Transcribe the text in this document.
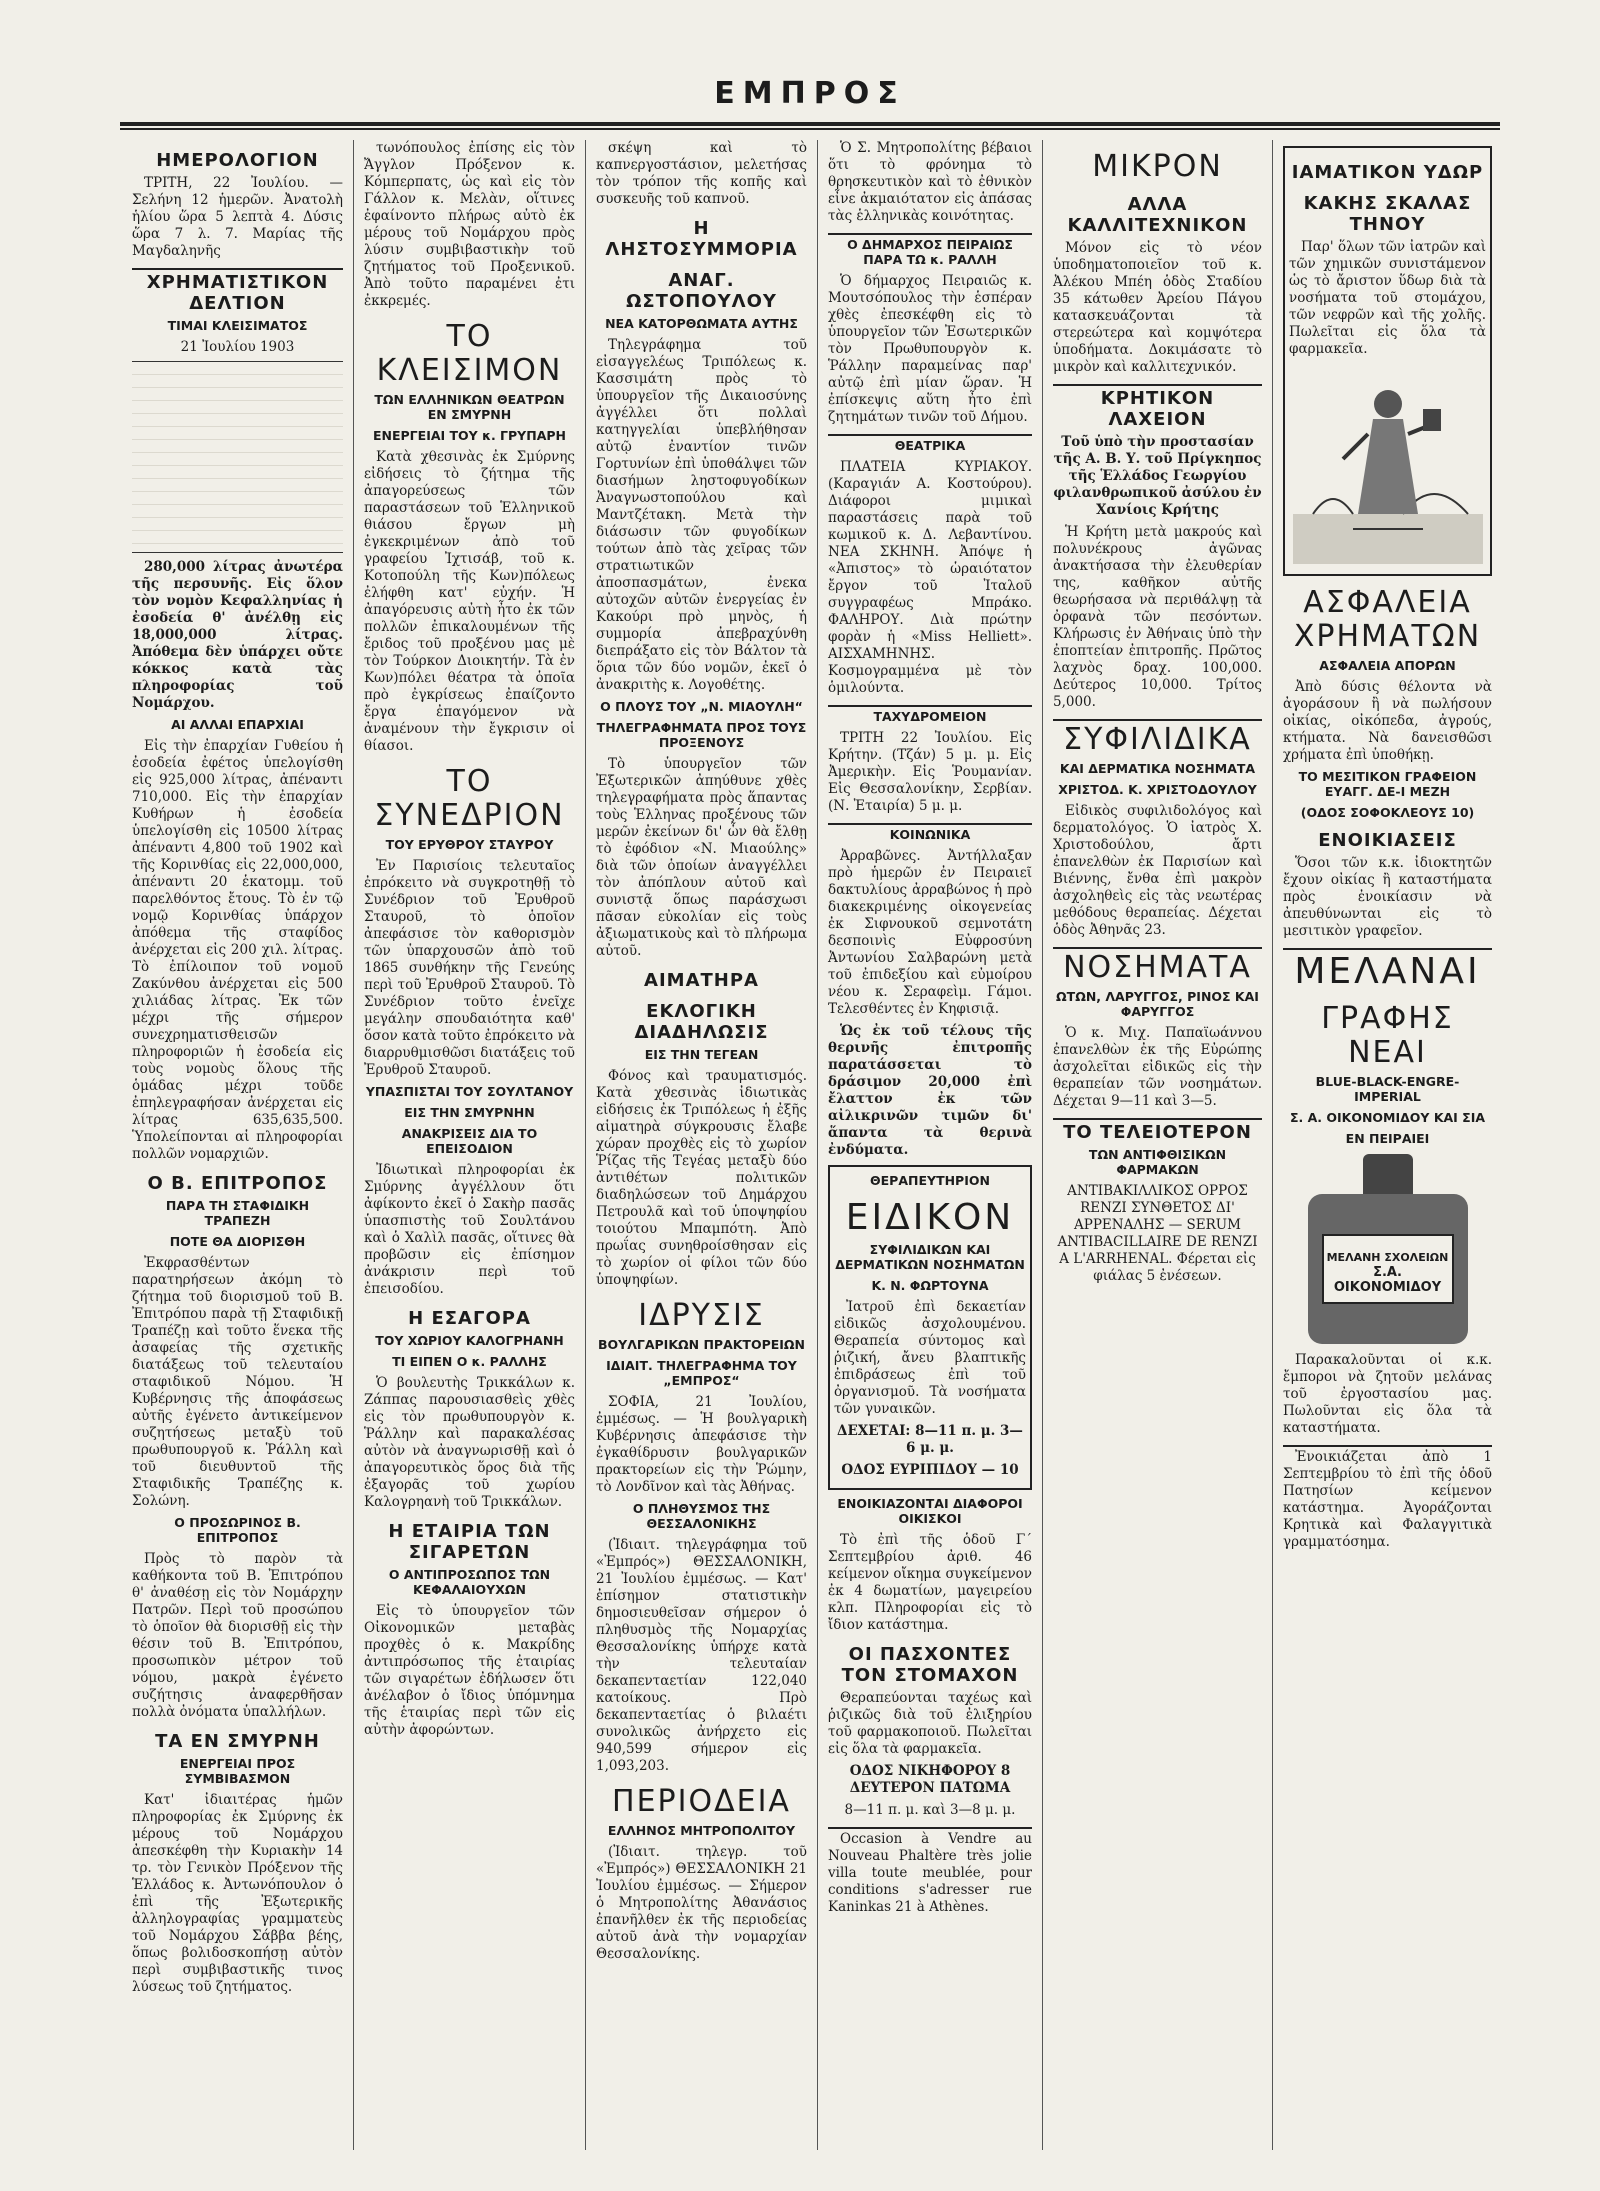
ΕΜΠΡΟΣ
ΗΜΕΡΟΛΟΓΙΟΝ

ΤΡΙΤΗ, 22 Ἰουλίου. — Σελήνη 12 ἡμερῶν. Ἀνατολὴ ἡλίου ὥρα 5 λεπτὰ 4. Δύσις ὥρα 7 λ. 7. Μαρίας τῆς Μαγδαληνῆς

ΧΡΗΜΑΤΙΣΤΙΚΟΝ ΔΕΛΤΙΟΝ
ΤΙΜΑΙ ΚΛΕΙΣΙΜΑΤΟΣ

21 Ἰουλίου 1903

280,000 λίτρας ἀνωτέρα τῆς περσυνῆς. Εἰς ὅλον τὸν νομὸν Κεφαλληνίας ἡ ἐσοδεία θ' ἀνέλθῃ εἰς 18,000,000 λίτρας. Ἀπόθεμα δὲν ὑπάρχει οὔτε κόκκος κατὰ τὰς πληροφορίας τοῦ Νομάρχου.

ΑΙ ΑΛΛΑΙ ΕΠΑΡΧΙΑΙ

Εἰς τὴν ἐπαρχίαν Γυθείου ἡ ἐσοδεία ἐφέτος ὑπελογίσθη εἰς 925,000 λίτρας, ἀπέναντι 710,000. Εἰς τὴν ἐπαρχίαν Κυθήρων ἡ ἐσοδεία ὑπελογίσθη εἰς 10500 λίτρας ἀπέναντι 4,800 τοῦ 1902 καὶ τῆς Κορινθίας εἰς 22,000,000, ἀπέναντι 20 ἑκατομμ. τοῦ παρελθόντος ἔτους. Τὸ ἐν τῷ νομῷ Κορινθίας ὑπάρχον ἀπόθεμα τῆς σταφίδος ἀνέρχεται εἰς 200 χιλ. λίτρας. Τὸ ἐπίλοιπον τοῦ νομοῦ Ζακύνθου ἀνέρχεται εἰς 500 χιλιάδας λίτρας. Ἐκ τῶν μέχρι τῆς σήμερον συνεχρηματισθεισῶν πληροφοριῶν ἡ ἐσοδεία εἰς τοὺς νομοὺς ὅλους τῆς ὁμάδας μέχρι τοῦδε ἐπηλεγραφήσαν ἀνέρχεται εἰς λίτρας 635,635,500. Ὑπολείπονται αἱ πληροφορίαι πολλῶν νομαρχιῶν.

Ο Β. ΕΠΙΤΡΟΠΟΣ
ΠΑΡΑ ΤΗ ΣΤΑΦΙΔΙΚΗ ΤΡΑΠΕΖΗ
ΠΟΤΕ ΘΑ ΔΙΟΡΙΣΘΗ

Ἐκφρασθέντων παρατηρήσεων ἀκόμη τὸ ζήτημα τοῦ διορισμοῦ τοῦ Β. Ἐπιτρόπου παρὰ τῇ Σταφιδικῇ Τραπέζῃ καὶ τοῦτο ἕνεκα τῆς ἀσαφείας τῆς σχετικῆς διατάξεως τοῦ τελευταίου σταφιδικοῦ Νόμου. Ἡ Κυβέρνησις τῆς ἀποφάσεως αὐτῆς ἐγένετο ἀντικείμενον συζητήσεως μεταξὺ τοῦ πρωθυπουργοῦ κ. Ῥάλλη καὶ τοῦ διευθυντοῦ τῆς Σταφιδικῆς Τραπέζης κ. Σολώνη.

Ο ΠΡΟΣΩΡΙΝΟΣ Β. ΕΠΙΤΡΟΠΟΣ

Πρὸς τὸ παρὸν τὰ καθήκοντα τοῦ Β. Ἐπιτρόπου θ' ἀναθέσῃ εἰς τὸν Νομάρχην Πατρῶν. Περὶ τοῦ προσώπου τὸ ὁποῖον θὰ διορισθῇ εἰς τὴν θέσιν τοῦ Β. Ἐπιτρόπου, προσωπικὸν μέτρον τοῦ νόμου, μακρὰ ἐγένετο συζήτησις ἀναφερθῆσαν πολλὰ ὀνόματα ὑπαλλήλων.

ΤΑ ΕΝ ΣΜΥΡΝΗ
ΕΝΕΡΓΕΙΑΙ ΠΡΟΣ ΣΥΜΒΙΒΑΣΜΟΝ

Κατ' ἰδιαιτέρας ἡμῶν πληροφορίας ἐκ Σμύρνης ἐκ μέρους τοῦ Νομάρχου ἀπεσκέφθη τὴν Κυριακὴν 14 τρ. τὸν Γενικὸν Πρόξενον τῆς Ἑλλάδος κ. Ἀντωνόπουλον ὁ ἐπὶ τῆς Ἐξωτερικῆς ἀλληλογραφίας γραμματεὺς τοῦ Νομάρχου Σάββα βέης, ὅπως βολιδοσκοπήσῃ αὐτὸν περὶ συμβιβαστικῆς τινος λύσεως τοῦ ζητήματος.

τωνόπουλος ἐπίσης εἰς τὸν Ἄγγλον Πρόξενον κ. Κόμπερπατς, ὡς καὶ εἰς τὸν Γάλλον κ. Μελὰν, οἵτινες ἐφαίνοντο πλήρως αὐτὸ ἐκ μέρους τοῦ Νομάρχου πρὸς λύσιν συμβιβαστικὴν τοῦ ζητήματος τοῦ Προξενικοῦ. Ἀπὸ τοῦτο παραμένει ἐτι ἐκκρεμές.

ΤΟ ΚΛΕΙΣΙΜΟΝ
ΤΩΝ ΕΛΛΗΝΙΚΩΝ ΘΕΑΤΡΩΝ ΕΝ ΣΜΥΡΝΗ
ΕΝΕΡΓΕΙΑΙ ΤΟΥ κ. ΓΡΥΠΑΡΗ

Κατὰ χθεσινὰς ἐκ Σμύρνης εἰδήσεις τὸ ζήτημα τῆς ἀπαγορεύσεως τῶν παραστάσεων τοῦ Ἑλληνικοῦ θιάσου ἔργων μὴ ἐγκεκριμένων ἀπὸ τοῦ γραφείου Ἰχτισάβ, τοῦ κ. Κοτοπούλη τῆς Κων)πόλεως ἐλήφθη κατ' εὐχήν. Ἡ ἀπαγόρευσις αὐτὴ ἦτο ἐκ τῶν πολλῶν ἐπικαλουμένων τῆς ἔριδος τοῦ προξένου μας μὲ τὸν Τούρκον Διοικητήν. Τὰ ἐν Κων)πόλει θέατρα τὰ ὁποῖα πρὸ ἐγκρίσεως ἐπαίζοντο ἔργα ἐπαγόμενον νὰ ἀναμένουν τὴν ἔγκρισιν οἱ θίασοι.

ΤΟ ΣΥΝΕΔΡΙΟΝ
ΤΟΥ ΕΡΥΘΡΟΥ ΣΤΑΥΡΟΥ

Ἐν Παρισίοις τελευταῖος ἐπρόκειτο νὰ συγκροτηθῇ τὸ Συνέδριον τοῦ Ἐρυθροῦ Σταυροῦ, τὸ ὁποῖον ἀπεφάσισε τὸν καθορισμὸν τῶν ὑπαρχουσῶν ἀπὸ τοῦ 1865 συνθήκην τῆς Γενεύης περὶ τοῦ Ἐρυθροῦ Σταυροῦ. Τὸ Συνέδριον τοῦτο ἐνεῖχε μεγάλην σπουδαιότητα καθ' ὅσον κατὰ τοῦτο ἐπρόκειτο νὰ διαρρυθμισθῶσι διατάξεις τοῦ Ἐρυθροῦ Σταυροῦ.

ΥΠΑΣΠΙΣΤΑΙ ΤΟΥ ΣΟΥΛΤΑΝΟΥ
ΕΙΣ ΤΗΝ ΣΜΥΡΝΗΝ
ΑΝΑΚΡΙΣΕΙΣ ΔΙΑ ΤΟ ΕΠΕΙΣΟΔΙΟΝ

Ἰδιωτικαὶ πληροφορίαι ἐκ Σμύρνης ἀγγέλλουν ὅτι ἀφίκοντο ἐκεῖ ὁ Σακὴρ πασᾶς ὑπασπιστὴς τοῦ Σουλτάνου καὶ ὁ Χαλὶλ πασᾶς, οἵτινες θὰ προβῶσιν εἰς ἐπίσημον ἀνάκρισιν περὶ τοῦ ἐπεισοδίου.

Η ΕΣΑΓΟΡΑ
ΤΟΥ ΧΩΡΙΟΥ ΚΑΛΟΓΡΗΑΝΗ
ΤΙ ΕΙΠΕΝ Ο κ. ΡΑΛΛΗΣ

Ὁ βουλευτὴς Τρικκάλων κ. Ζάππας παρουσιασθεὶς χθὲς εἰς τὸν πρωθυπουργὸν κ. Ῥάλλην καὶ παρακαλέσας αὐτὸν νὰ ἀναγνωρισθῇ καὶ ὁ ἀπαγορευτικὸς ὅρος διὰ τῆς ἐξαγορᾶς τοῦ χωρίου Καλογρηανὴ τοῦ Τρικκάλων.

Η ΕΤΑΙΡΙΑ ΤΩΝ ΣΙΓΑΡΕΤΩΝ
Ο ΑΝΤΙΠΡΟΣΩΠΟΣ ΤΩΝ ΚΕΦΑΛΑΙΟΥΧΩΝ

Εἰς τὸ ὑπουργεῖον τῶν Οἰκονομικῶν μεταβὰς προχθὲς ὁ κ. Μακρίδης ἀντιπρόσωπος τῆς ἐταιρίας τῶν σιγαρέτων ἐδήλωσεν ὅτι ἀνέλαβον ὁ ἴδιος ὑπόμνημα τῆς ἑταιρίας περὶ τῶν εἰς αὐτὴν ἀφορώντων.

σκέψη καὶ τὸ καπνεργοστάσιον, μελετήσας τὸν τρόπον τῆς κοπῆς καὶ συσκευῆς τοῦ καπνοῦ.

Η ΛΗΣΤΟΣΥΜΜΟΡΙΑ
ΑΝΑΓ. ΩΣΤΟΠΟΥΛΟΥ
ΝΕΑ ΚΑΤΟΡΘΩΜΑΤΑ ΑΥΤΗΣ

Τηλεγράφημα τοῦ εἰσαγγελέως Τριπόλεως κ. Κασσιμάτη πρὸς τὸ ὑπουργεῖον τῆς Δικαιοσύνης ἀγγέλλει ὅτι πολλαὶ κατηγγελίαι ὑπεβλήθησαν αὐτῷ ἐναντίον τινῶν Γορτυνίων ἐπὶ ὑποθάλψει τῶν διασήμων ληστοφυγοδίκων Ἀναγνωστοπούλου καὶ Μαντζέτακη. Μετὰ τὴν διάσωσιν τῶν φυγοδίκων τούτων ἀπὸ τὰς χεῖρας τῶν στρατιωτικῶν ἀποσπασμάτων, ἐνεκα αὐτοχῶν αὐτῶν ἐνεργείας ἐν Κακούρι πρὸ μηνὸς, ἡ συμμορία ἀπεβραχύνθη διεπράξατο εἰς τὸν Βάλτον τὰ ὅρια τῶν δύο νομῶν, ἐκεῖ ὁ ἀνακριτὴς κ. Λογοθέτης.

Ο ΠΛΟΥΣ ΤΟΥ „Ν. ΜΙΑΟΥΛΗ“
ΤΗΛΕΓΡΑΦΗΜΑΤΑ ΠΡΟΣ ΤΟΥΣ ΠΡΟΞΕΝΟΥΣ

Τὸ ὑπουργεῖον τῶν Ἐξωτερικῶν ἀπηύθυνε χθὲς τηλεγραφήματα πρὸς ἅπαντας τοὺς Ἑλληνας προξένους τῶν μερῶν ἐκείνων δι' ὧν θὰ ἔλθῃ τὸ ἐφόδιον «Ν. Μιαούλης» διὰ τῶν ὁποίων ἀναγγέλλει τὸν ἀπόπλουν αὐτοῦ καὶ συνιστᾷ ὅπως παράσχωσι πᾶσαν εὐκολίαν εἰς τοὺς ἀξιωματικοὺς καὶ τὸ πλήρωμα αὐτοῦ.

ΑΙΜΑΤΗΡΑ
ΕΚΛΟΓΙΚΗ ΔΙΑΔΗΛΩΣΙΣ
ΕΙΣ ΤΗΝ ΤΕΓΕΑΝ

Φόνος καὶ τραυματισμός. Κατὰ χθεσινὰς ἰδιωτικὰς εἰδήσεις ἐκ Τριπόλεως ἡ ἐξῆς αἱματηρὰ σύγκρουσις ἔλαβε χώραν προχθὲς εἰς τὸ χωρίον Ῥίζας τῆς Τεγέας μεταξὺ δύο ἀντιθέτων πολιτικῶν διαδηλώσεων τοῦ Δημάρχου Πετρουλᾶ καὶ τοῦ ὑποψηφίου τοιούτου Μπαμπότη. Ἀπὸ πρωΐας συνηθροίσθησαν εἰς τὸ χωρίον οἱ φίλοι τῶν δύο ὑποψηφίων.

ΙΔΡΥΣΙΣ
ΒΟΥΛΓΑΡΙΚΩΝ ΠΡΑΚΤΟΡΕΙΩΝ
ΙΔΙΑΙΤ. ΤΗΛΕΓΡΑΦΗΜΑ ΤΟΥ „ΕΜΠΡΟΣ“

ΣΟΦΙΑ, 21 Ἰουλίου, ἐμμέσως. — Ἡ βουλγαρικὴ Κυβέρνησις ἀπεφάσισε τὴν ἐγκαθίδρυσιν βουλγαρικῶν πρακτορείων εἰς τὴν Ῥώμην, τὸ Λονδῖνον καὶ τὰς Ἀθήνας.

Ο ΠΛΗΘΥΣΜΟΣ ΤΗΣ ΘΕΣΣΑΛΟΝΙΚΗΣ

(Ἰδιαιτ. τηλεγράφημα τοῦ «Ἐμπρός») ΘΕΣΣΑΛΟΝΙΚΗ, 21 Ἰουλίου ἐμμέσως. — Κατ' ἐπίσημον στατιστικὴν δημοσιευθεῖσαν σήμερον ὁ πληθυσμὸς τῆς Νομαρχίας Θεσσαλονίκης ὑπήρχε κατὰ τὴν τελευταίαν δεκαπενταετίαν 122,040 κατοίκους. Πρὸ δεκαπενταετίας ὁ βιλαέτι συνολικῶς ἀνήρχετο εἰς 940,599 σήμερον εἰς 1,093,203.

ΠΕΡΙΟΔΕΙΑ
ΕΛΛΗΝΟΣ ΜΗΤΡΟΠΟΛΙΤΟΥ

(Ἰδιαιτ. τηλεγρ. τοῦ «Ἐμπρός») ΘΕΣΣΑΛΟΝΙΚΗ 21 Ἰουλίου ἐμμέσως. — Σήμερον ὁ Μητροπολίτης Ἀθανάσιος ἐπανῆλθεν ἐκ τῆς περιοδείας αὐτοῦ ἀνὰ τὴν νομαρχίαν Θεσσαλονίκης.

Ὁ Σ. Μητροπολίτης βέβαιοι ὅτι τὸ φρόνημα τὸ θρησκευτικὸν καὶ τὸ ἐθνικὸν εἶνε ἀκμαιότατον εἰς ἁπάσας τὰς ἑλληνικὰς κοινότητας.

Ο ΔΗΜΑΡΧΟΣ ΠΕΙΡΑΙΩΣ ΠΑΡΑ ΤΩ κ. ΡΑΛΛΗ

Ὁ δήμαρχος Πειραιῶς κ. Μουτσόπουλος τὴν ἑσπέραν χθὲς ἐπεσκέφθη εἰς τὸ ὑπουργεῖον τῶν Ἐσωτερικῶν τὸν Πρωθυπουργὸν κ. Ῥάλλην παραμείνας παρ' αὐτῷ ἐπὶ μίαν ὥραν. Ἡ ἐπίσκεψις αὕτη ἦτο ἐπὶ ζητημάτων τινῶν τοῦ Δήμου.

ΘΕΑΤΡΙΚΑ

ΠΛΑΤΕΙΑ ΚΥΡΙΑΚΟΥ. (Καραγιάν Α. Κοστούρου). Διάφοροι μιμικαὶ παραστάσεις παρὰ τοῦ κωμικοῦ κ. Δ. Λεβαντίνου. ΝΕΑ ΣΚΗΝΗ. Ἀπόψε ἡ «Ἀπιστος» τὸ ὡραιότατον ἔργον τοῦ Ἰταλοῦ συγγραφέως Μπράκο. ΦΑΛΗΡΟΥ. Διὰ πρώτην φορὰν ἡ «Miss Helliett». ΑΙΣΧΑΜΗΝΗΣ. Κοσμογραμμένα μὲ τὸν ὁμιλούντα.

ΤΑΧΥΔΡΟΜΕΙΟΝ

ΤΡΙΤΗ 22 Ἰουλίου. Εἰς Κρήτην. (Τζάν) 5 μ. μ. Εἰς Ἀμερικὴν. Εἰς Ῥουμανίαν. Εἰς Θεσσαλονίκην, Σερβίαν. (Ν. Ἐταιρία) 5 μ. μ.

ΚΟΙΝΩΝΙΚΑ

Ἀρραβῶνες. Ἀντήλλαξαν πρὸ ἡμερῶν ἐν Πειραιεῖ δακτυλίους ἀρραβώνος ἡ πρὸ διακεκριμένης οἰκογενείας ἐκ Σιφνουκοῦ σεμνοτάτη δεσποινὶς Εὐφροσύνη Ἀντωνίου Σαλβαρώνη μετὰ τοῦ ἐπιδεξίου καὶ εὐμοίρου νέου κ. Σεραφεὶμ. Γάμοι. Τελεσθέντες ἐν Κηφισιᾷ.

Ὡς ἐκ τοῦ τέλους τῆς θερινῆς ἐπιτροπῆς παρατάσσεται τὸ δράσιμον 20,000 ἐπὶ ἔλαττον ἐκ τῶν αἰλικρινῶν τιμῶν δι' ἅπαντα τὰ θερινὰ ἐνδύματα.

ΘΕΡΑΠΕΥΤΗΡΙΟΝ
ΕΙΔΙΚΟΝ
ΣΥΦΙΛΙΔΙΚΩΝ ΚΑΙ ΔΕΡΜΑΤΙΚΩΝ ΝΟΣΗΜΑΤΩΝ
Κ. Ν. ΦΩΡΤΟΥΝΑ

Ἰατροῦ ἐπὶ δεκαετίαν εἰδικῶς ἀσχολουμένου. Θεραπεία σύντομος καὶ ῥιζική, ἄνευ βλαπτικῆς ἐπιδράσεως ἐπὶ τοῦ ὀργανισμοῦ. Τὰ νοσήματα τῶν γυναικῶν.

ΔΕΧΕΤΑΙ: 8—11 π. μ. 3—6 μ. μ.

ΟΔΟΣ ΕΥΡΙΠΙΔΟΥ — 10

ΕΝΟΙΚΙΑΖΟΝΤΑΙ ΔΙΑΦΟΡΟΙ ΟΙΚΙΣΚΟΙ

Τὸ ἐπὶ τῆς ὁδοῦ Γ΄ Σεπτεμβρίου ἀριθ. 46 κείμενον οἴκημα συγκείμενον ἐκ 4 δωματίων, μαγειρείου κλπ. Πληροφορίαι εἰς τὸ ἴδιον κατάστημα.

ΟΙ ΠΑΣΧΟΝΤΕΣ ΤΟΝ ΣΤΟΜΑΧΟΝ

Θεραπεύονται ταχέως καὶ ῥιζικῶς διὰ τοῦ ἐλιξηρίου τοῦ φαρμακοποιοῦ. Πωλεῖται εἰς ὅλα τὰ φαρμακεῖα.

ΟΔΟΣ ΝΙΚΗΦΟΡΟΥ 8 ΔΕΥΤΕΡΟΝ ΠΑΤΩΜΑ

8—11 π. μ. καὶ 3—8 μ. μ.

Occasion à Vendre au Nouveau Phaltère très jolie villa toute meublée, pour conditions s'adresser rue Kaninkas 21 à Athènes.

ΜΙΚΡΟΝ
ΑΛΛΑ ΚΑΛΛΙΤΕΧΝΙΚΟΝ

Μόνον εἰς τὸ νέον ὑποδηματοποιεῖον τοῦ κ. Ἀλέκου Μπέη ὁδὸς Σταδίου 35 κάτωθεν Ἀρείου Πάγου κατασκευάζονται τὰ στερεώτερα καὶ κομψότερα ὑποδήματα. Δοκιμάσατε τὸ μικρὸν καὶ καλλιτεχνικόν.

ΚΡΗΤΙΚΟΝ ΛΑΧΕΙΟΝ

Τοῦ ὑπὸ τὴν προστασίαν τῆς Α. Β. Υ. τοῦ Πρίγκηπος τῆς Ἑλλάδος Γεωργίου φιλανθρωπικοῦ ἀσύλου ἐν Χανίοις Κρήτης

Ἡ Κρήτη μετὰ μακρούς καὶ πολυνέκρους ἀγῶνας ἀνακτήσασα τὴν ἐλευθερίαν της, καθῆκον αὐτῆς θεωρήσασα νὰ περιθάλψῃ τὰ ὀρφανὰ τῶν πεσόντων. Κλήρωσις ἐν Ἀθήναις ὑπὸ τὴν ἐποπτείαν ἐπιτροπῆς. Πρῶτος λαχνὸς δραχ. 100,000. Δεύτερος 10,000. Τρίτος 5,000.

ΣΥΦΙΛΙΔΙΚΑ
ΚΑΙ ΔΕΡΜΑΤΙΚΑ ΝΟΣΗΜΑΤΑ
ΧΡΙΣΤΟΔ. Κ. ΧΡΙΣΤΟΔΟΥΛΟΥ

Εἰδικὸς συφιλιδολόγος καὶ δερματολόγος. Ὁ ἰατρὸς Χ. Χριστοδούλου, ἄρτι ἐπανελθὼν ἐκ Παρισίων καὶ Βιέννης, ἔνθα ἐπὶ μακρὸν ἀσχοληθεὶς εἰς τὰς νεωτέρας μεθόδους θεραπείας. Δέχεται ὁδὸς Ἀθηνᾶς 23.

ΝΟΣΗΜΑΤΑ
ΩΤΩΝ, ΛΑΡΥΓΓΟΣ, ΡΙΝΟΣ ΚΑΙ ΦΑΡΥΓΓΟΣ

Ὁ κ. Μιχ. Παπαϊωάννου ἐπανελθὼν ἐκ τῆς Εὐρώπης ἀσχολεῖται εἰδικῶς εἰς τὴν θεραπείαν τῶν νοσημάτων. Δέχεται 9—11 καὶ 3—5.

ΤΟ ΤΕΛΕΙΟΤΕΡΟΝ
ΤΩΝ ΑΝΤΙΦΘΙΣΙΚΩΝ ΦΑΡΜΑΚΩΝ

ΑΝΤΙΒΑΚΙΛΛΙΚΟΣ ΟΡΡΟΣ RENZI ΣΥΝΘΕΤΟΣ ΔΙ' ΑΡΡΕΝΑΛΗΣ — SERUM ANTIBACILLAIRE DE RENZI A L'ARRHENAL. Φέρεται εἰς φιάλας 5 ἐνέσεων.

ΙΑΜΑΤΙΚΟΝ ΥΔΩΡ
ΚΑΚΗΣ ΣΚΑΛΑΣ ΤΗΝΟΥ

Παρ' ὅλων τῶν ἰατρῶν καὶ τῶν χημικῶν συνιστάμενον ὡς τὸ ἄριστον ὕδωρ διὰ τὰ νοσήματα τοῦ στομάχου, τῶν νεφρῶν καὶ τῆς χολῆς. Πωλεῖται εἰς ὅλα τὰ φαρμακεῖα.

ΑΣΦΑΛΕΙΑ ΧΡΗΜΑΤΩΝ
ΑΣΦΑΛΕΙΑ ΑΠΟΡΩΝ

Ἀπὸ δύσις θέλοντα νὰ ἀγοράσουν ἢ νὰ πωλήσουν οἰκίας, οἰκόπεδα, ἀγρούς, κτήματα. Νὰ δανεισθῶσι χρήματα ἐπὶ ὑποθήκῃ.

ΤΟ ΜΕΣΙΤΙΚΟΝ ΓΡΑΦΕΙΟΝ ΕΥΑΓΓ. ΔΕ-Ι ΜΕΖΗ
(ΟΔΟΣ ΣΟΦΟΚΛΕΟΥΣ 10)
ΕΝΟΙΚΙΑΣΕΙΣ

Ὅσοι τῶν κ.κ. ἰδιοκτητῶν ἔχουν οἰκίας ἢ καταστήματα πρὸς ἐνοικίασιν νὰ ἀπευθύνωνται εἰς τὸ μεσιτικὸν γραφεῖον.

ΜΕΛΑΝΑΙ
ΓΡΑΦΗΣ ΝΕΑΙ
BLUE-BLACK-ENGRE-IMPERIAL
Σ. Α. ΟΙΚΟΝΟΜΙΔΟΥ ΚΑΙ ΣΙΑ
ΕΝ ΠΕΙΡΑΙΕΙ
ΜΕΛΑΝΗ ΣΧΟΛΕΙΩΝ
Σ.Α. ΟΙΚΟΝΟΜΙΔΟΥ

Παρακαλοῦνται οἱ κ.κ. ἔμποροι νὰ ζητοῦν μελάνας τοῦ ἐργοστασίου μας. Πωλοῦνται εἰς ὅλα τὰ καταστήματα.

Ἐνοικιάζεται ἀπὸ 1 Σεπτεμβρίου τὸ ἐπὶ τῆς ὁδοῦ Πατησίων κείμενον κατάστημα. Ἀγοράζονται Κρητικὰ καὶ Φαλαγγιτικὰ γραμματόσημα.
